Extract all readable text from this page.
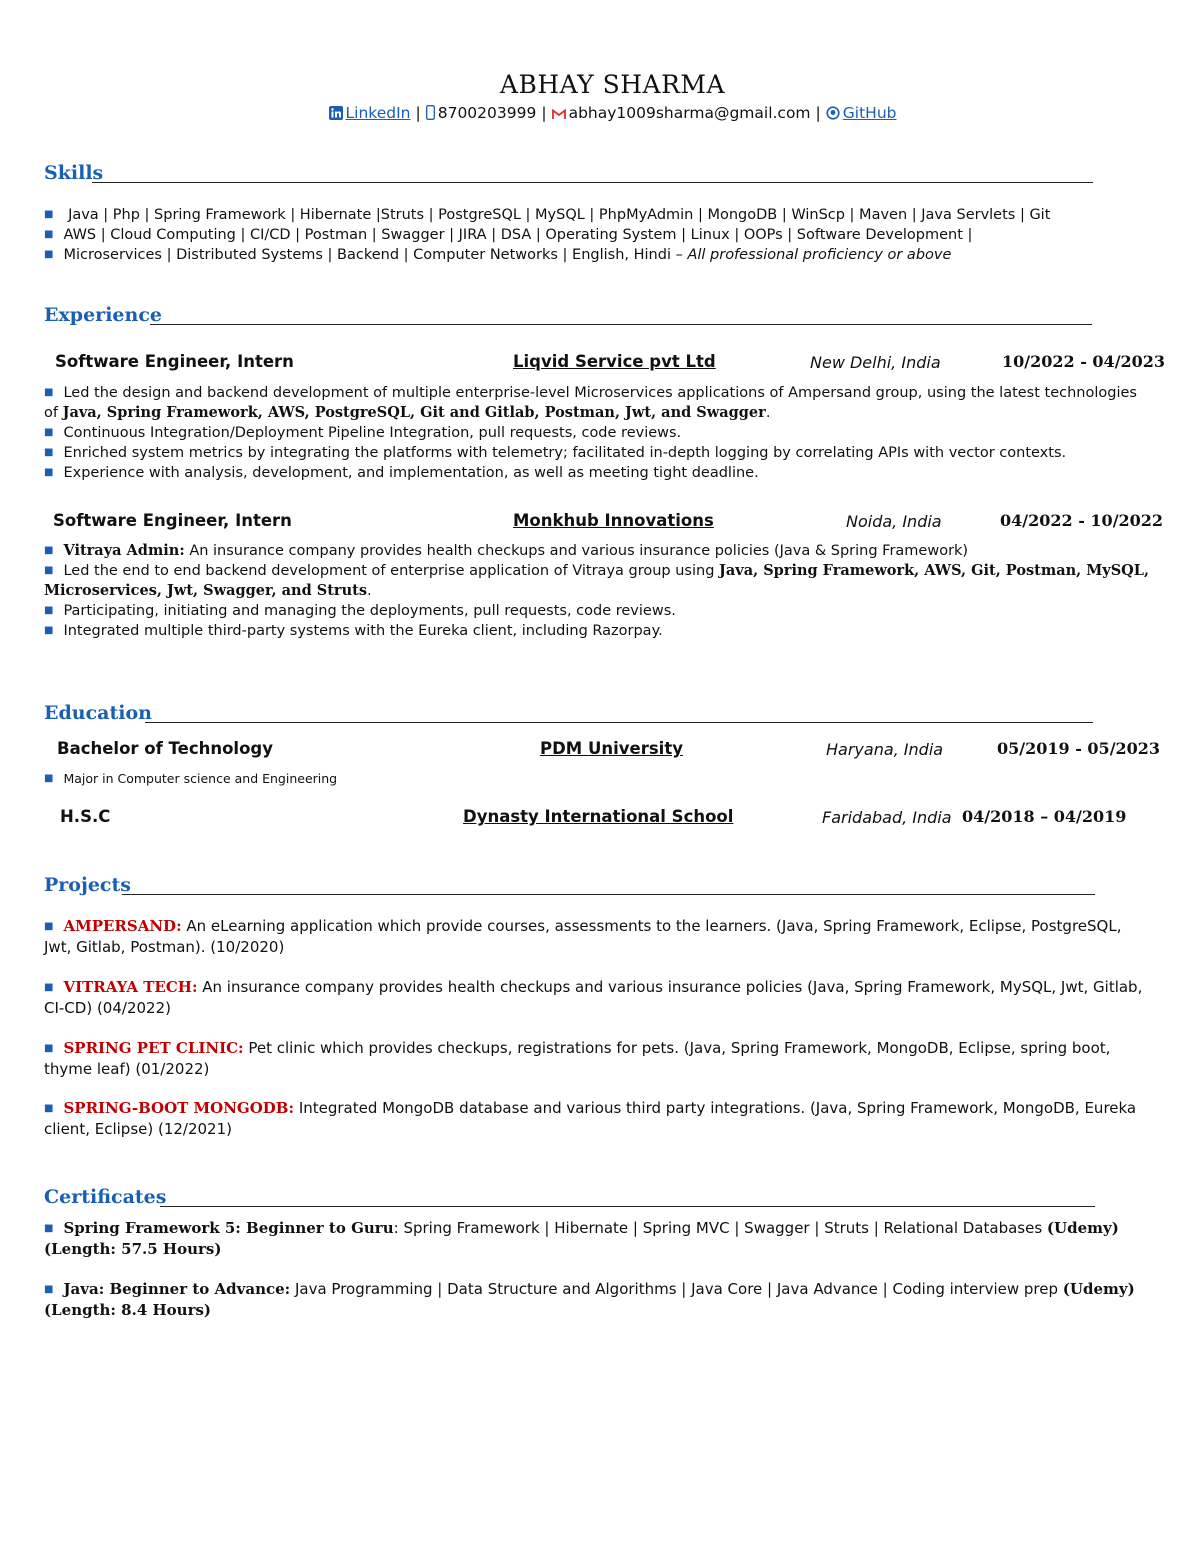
ABHAY SHARMA
LinkedIn | 8700203999 | abhay1009sharma@gmail.com | GitHub
Skills
■ Java | Php | Spring Framework | Hibernate |Struts | PostgreSQL | MySQL | PhpMyAdmin | MongoDB | WinScp | Maven | Java Servlets | Git
■ AWS | Cloud Computing | CI/CD | Postman | Swagger | JIRA | DSA | Operating System | Linux | OOPs | Software Development |
■ Microservices | Distributed Systems | Backend | Computer Networks | English, Hindi – All professional proficiency or above
Experience
Software Engineer, Intern	Liqvid Service pvt Ltd	New Delhi, India	10/2022 - 04/2023
■ Led the design and backend development of multiple enterprise-level Microservices applications of Ampersand group, using the latest technologies of Java, Spring Framework, AWS, PostgreSQL, Git and Gitlab, Postman, Jwt, and Swagger.
■ Continuous Integration/Deployment Pipeline Integration, pull requests, code reviews.
■ Enriched system metrics by integrating the platforms with telemetry; facilitated in-depth logging by correlating APIs with vector contexts.
■ Experience with analysis, development, and implementation, as well as meeting tight deadline.
Software Engineer, Intern	Monkhub Innovations	Noida, India	04/2022 - 10/2022
■ Vitraya Admin: An insurance company provides health checkups and various insurance policies (Java & Spring Framework)
■ Led the end to end backend development of enterprise application of Vitraya group using Java, Spring Framework, AWS, Git, Postman, MySQL, Microservices, Jwt, Swagger, and Struts.
■ Participating, initiating and managing the deployments, pull requests, code reviews.
■ Integrated multiple third-party systems with the Eureka client, including Razorpay.
Education
Bachelor of Technology	PDM University	Haryana, India	05/2019 - 05/2023
■ Major in Computer science and Engineering
H.S.C	Dynasty International School	Faridabad, India 04/2018 – 04/2019
Projects
■ AMPERSAND: An eLearning application which provide courses, assessments to the learners. (Java, Spring Framework, Eclipse, PostgreSQL, Jwt, Gitlab, Postman). (10/2020)
■ VITRAYA TECH: An insurance company provides health checkups and various insurance policies (Java, Spring Framework, MySQL, Jwt, Gitlab, CI-CD) (04/2022)
■ SPRING PET CLINIC: Pet clinic which provides checkups, registrations for pets. (Java, Spring Framework, MongoDB, Eclipse, spring boot, thyme leaf) (01/2022)
■ SPRING-BOOT MONGODB: Integrated MongoDB database and various third party integrations. (Java, Spring Framework, MongoDB, Eureka client, Eclipse) (12/2021)
Certificates
■ Spring Framework 5: Beginner to Guru: Spring Framework | Hibernate | Spring MVC | Swagger | Struts | Relational Databases (Udemy) (Length: 57.5 Hours)
■ Java: Beginner to Advance: Java Programming | Data Structure and Algorithms | Java Core | Java Advance | Coding interview prep (Udemy) (Length: 8.4 Hours)
